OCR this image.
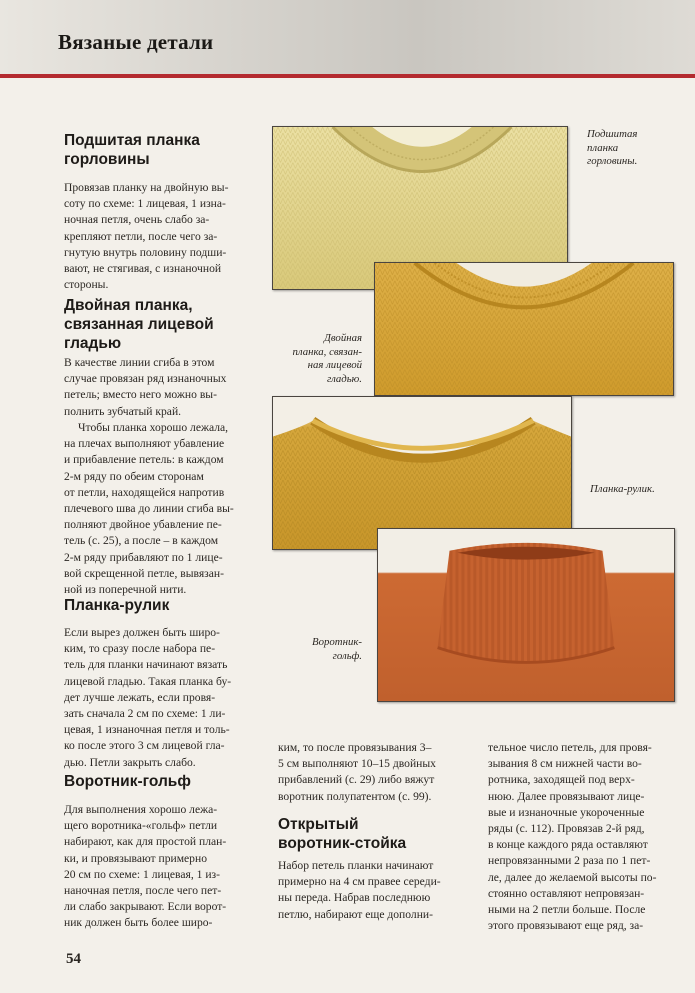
Вязаные детали
Подшитая планка
горловины

Провязав планку на двойную вы-
соту по схеме: 1 лицевая, 1 изна-
ночная петля, очень слабо за-
крепляют петли, после чего за-
гнутую внутрь половину подши-
вают, не стягивая, с изнаночной
стороны.

Двойная планка,
связанная лицевой
гладью

В качестве линии сгиба в этом
случае провязан ряд изнаночных
петель; вместо него можно вы-
полнить зубчатый край.

Чтобы планка хорошо лежала,
на плечах выполняют убавление
и прибавление петель: в каждом
2-м ряду по обеим сторонам
от петли, находящейся напротив
плечевого шва до линии сгиба вы-
полняют двойное убавление пе-
тель (с. 25), а после – в каждом
2-м ряду прибавляют по 1 лице-
вой скрещенной петле, вывязан-
ной из поперечной нити.

Планка-рулик

Если вырез должен быть широ-
ким, то сразу после набора пе-
тель для планки начинают вязать
лицевой гладью. Такая планка бу-
дет лучше лежать, если провя-
зать сначала 2 см по схеме: 1 ли-
цевая, 1 изнаночная петля и толь-
ко после этого 3 см лицевой гла-
дью. Петли закрыть слабо.

Воротник-гольф

Для выполнения хорошо лежа-
щего воротника-«гольф» петли
набирают, как для простой план-
ки, и провязывают примерно
20 см по схеме: 1 лицевая, 1 из-
наночная петля, после чего пет-
ли слабо закрывают. Если ворот-
ник должен быть более широ-

ким, то после провязывания 3–
5 см выполняют 10–15 двойных
прибавлений (с. 29) либо вяжут
воротник полупатентом (с. 99).

Открытый
воротник-стойка

Набор петель планки начинают
примерно на 4 см правее середи-
ны переда. Набрав последнюю
петлю, набирают еще дополни-

тельное число петель, для провя-
зывания 8 см нижней части во-
ротника, заходящей под верх-
нюю. Далее провязывают лице-
вые и изнаночные укороченные
ряды (с. 112). Провязав 2-й ряд,
в конце каждого ряда оставляют
непровязанными 2 раза по 1 пет-
ле, далее до желаемой высоты по-
стоянно оставляют непровязан-
ными на 2 петли больше. После
этого провязывают еще ряд, за-

Подшитая
планка
горловины.

Двойная
планка, связан-
ная лицевой
гладью.

Планка-рулик.

Воротник-
гольф.

54
